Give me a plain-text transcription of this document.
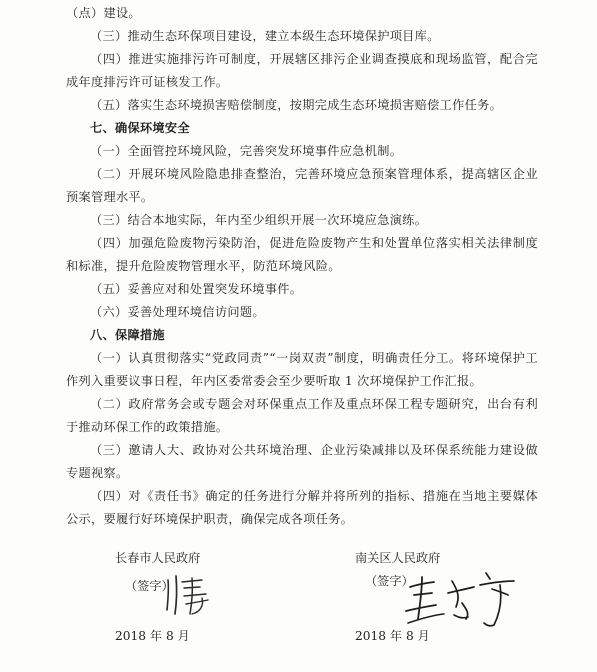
（点）建设。

（三）推动生态环保项目建设，建立本级生态环境保护项目库。

（四）推进实施排污许可制度，开展辖区排污企业调查摸底和现场监管，配合完成年度排污许可证核发工作。

（五）落实生态环境损害赔偿制度，按期完成生态环境损害赔偿工作任务。

七、确保环境安全

（一）全面管控环境风险，完善突发环境事件应急机制。

（二）开展环境风险隐患排查整治，完善环境应急预案管理体系，提高辖区企业预案管理水平。

（三）结合本地实际，年内至少组织开展一次环境应急演练。

（四）加强危险废物污染防治，促进危险废物产生和处置单位落实相关法律制度和标准，提升危险废物管理水平，防范环境风险。

（五）妥善应对和处置突发环境事件。

（六）妥善处理环境信访问题。

八、保障措施

（一）认真贯彻落实“党政同责”“一岗双责”制度，明确责任分工。将环境保护工作列入重要议事日程，年内区委常委会至少要听取 1 次环境保护工作汇报。

（二）政府常务会或专题会对环保重点工作及重点环保工程专题研究，出台有利于推动环保工作的政策措施。

（三）邀请人大、政协对公共环境治理、企业污染减排以及环保系统能力建设做专题视察。

（四）对《责任书》确定的任务进行分解并将所列的指标、措施在当地主要媒体公示，要履行好环境保护职责，确保完成各项任务。

长春市人民政府
（签字）
2018 年 8 月
南关区人民政府
（签字）
2018 年 8 月
